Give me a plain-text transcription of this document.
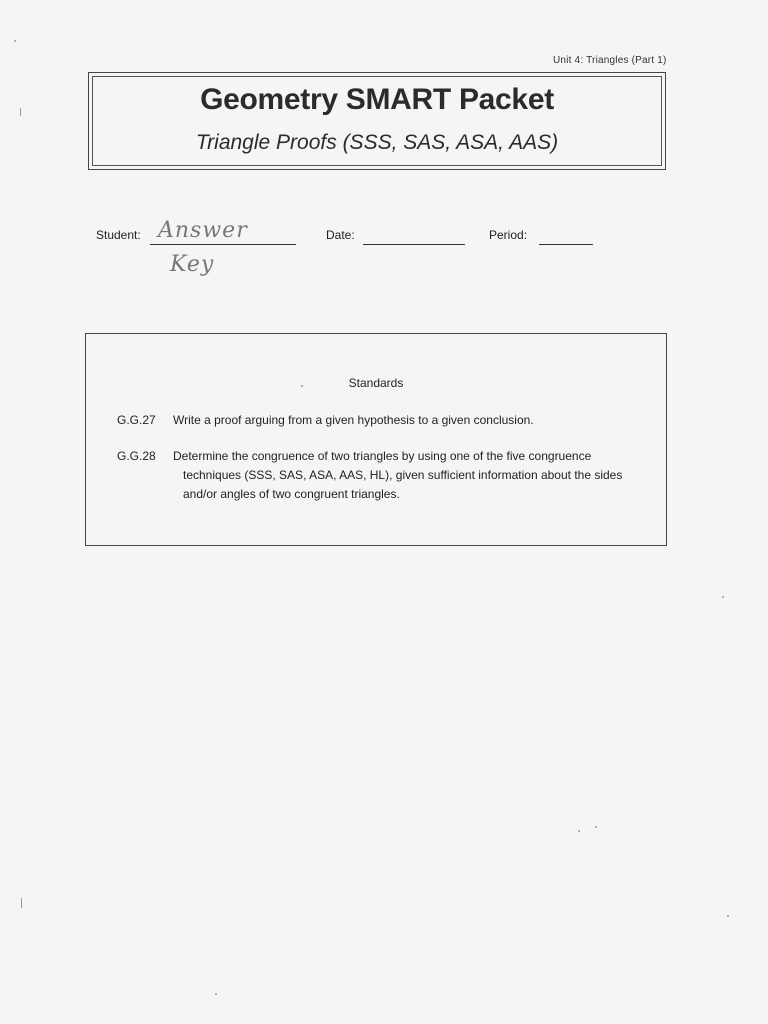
Unit 4: Triangles (Part 1)
Geometry SMART Packet
Triangle Proofs (SSS, SAS, ASA, AAS)
Student: Answer
Key
Date:	Period:
Standards
G.G.27	Write a proof arguing from a given hypothesis to a given conclusion.
G.G.28	Determine the congruence of two triangles by using one of the five congruence techniques (SSS, SAS, ASA, AAS, HL), given sufficient information about the sides and/or angles of two congruent triangles.
